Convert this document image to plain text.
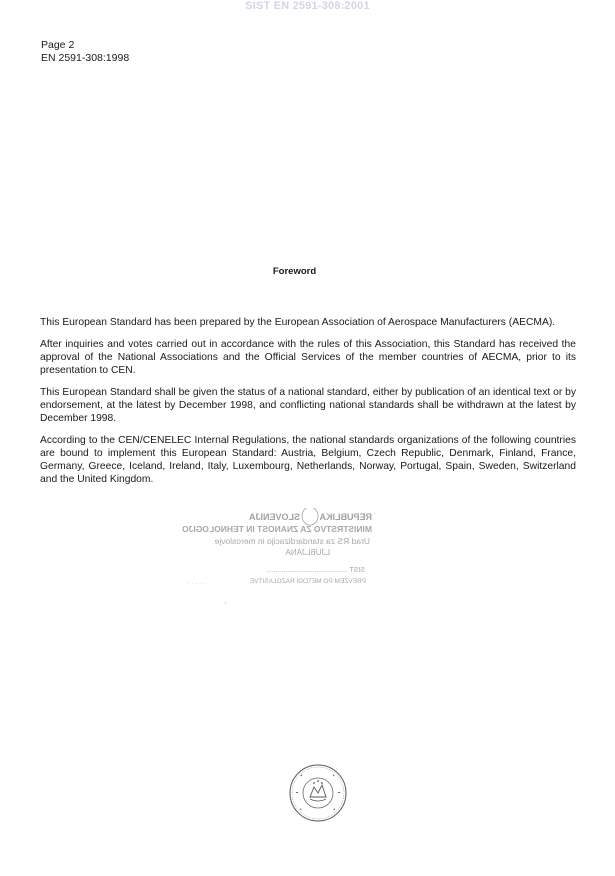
SIST EN 2591-308:2001
Page 2
EN 2591-308:1998
Foreword

This European Standard has been prepared by the European Association of Aerospace Manufacturers (AECMA).

After inquiries and votes carried out in accordance with the rules of this Association, this Standard has received the approval of the National Associations and the Official Services of the member countries of AECMA, prior to its presentation to CEN.

This European Standard shall be given the status of a national standard, either by publication of an identical text or by endorsement, at the latest by December 1998, and conflicting national standards shall be withdrawn at the latest by December 1998.

According to the CEN/CENELEC Internal Regulations, the national standards organizations of the following countries are bound to implement this European Standard: Austria, Belgium, Czech Republic, Denmark, Finland, France, Germany, Greece, Iceland, Ireland, Italy, Luxembourg, Netherlands, Norway, Portugal, Spain, Sweden, Switzerland and the United Kingdom.

REPUBLIKA
SLOVENIJA
MINISTRSTVO ZA ZNANOST IN TEHNOLOGIJO
Urad RS za standardizacijo in meroslovje
LJUBLJANA
SIST ..........................................
PREVZEM PO METODI RAZGLASITVE
. . . . .
